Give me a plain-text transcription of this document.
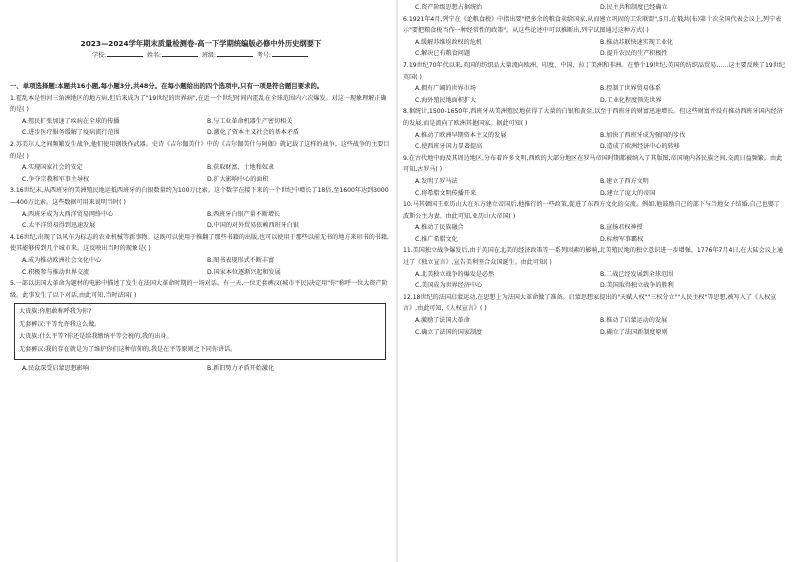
2023—2024学年期末质量检测卷-高一下学期统编版必修中外历史纲要下
学校:	姓名:	班级:	考号:

一、单项选择题:本题共16小题,每小题3分,共48分。在每小题给出的四个选项中,只有一项是符合题目要求的。

1.霍乱本是恒河三角洲地区的地方病,但后来成为了"19世纪的世界病",在近一个世纪时间内霍乱在全球范围内六次爆发。对这一现象理解正确的是( )

A.殖民扩张加速了疾病在全球的传播	B.与工业革命机器生产密切相关
C.进步医疗服务缓解了疫病流行范围	D.激化了资本主义社会的基本矛盾

2.苏美尔人之间频繁发生战争,他们使用钢铁作武器。史诗《吉尔伽美什》中的《吉尔伽美什与阿伽》就记载了这样的战争。这些战争的主要目的是( )

A.实现国家社会的安定	B.获取财富、土地和奴隶
C.争夺宗教和军事主导权	D.扩大影响中心的面积

3.16世纪末,从西班牙的美洲殖民地运抵西班牙的白银数量约为100万比索。这个数字在接下来的一个世纪中增长了18倍,至1600年达到3000—400万比索。这些数据可用来说明当时( )

A.西班牙成为大西洋贸易网络中心	B.西班牙白银产量不断增长
C.太平洋贸易得到迅速发展	D.中国的对外贸易依赖西班牙白银

4.16世纪,出现了以风车为标志的农业机械等新事物。这既可以使用于推翻了那些书籍的出版,也可以使用于那些以前无书的地方来印书的书籍,使其能够传到几个城市来。这反映出当时的现象是( )

A.成为推动欧洲社会文化中心	B.图书表现形式不断丰富
C.积极参与推动世界交流	D.国家本位逐渐兴起和发展

5.一部以法国大革命为题材的电影中描述了发生在法国大革命时期的一场对话。有一天,一位无套裤汉(城市平民)决定用"你"称呼一位大资产阶级。此事发生了以下对话,由此可知,当时法国( )

大贵族:你胆敢称呼我为你?

无套裤汉:平等允许我这么做。

大贵族:什么平等?你还是给我缴纳平等会税的,我的出身。

无套裤汉:我的存在就是为了维护你们这种信仰的,我是在平等原则之下同你讲话。

A.民众深受启蒙思想影响	B.新旧势力矛盾开始激化
C.资产阶级思想占据统治	D.民主共和制度已经确立

6.1921年4月,列宁在《论粮食税》中指出要"把多余的粮食卖给国家,从而建立巩固的工农联盟",5月,在俄共(布)第十次全国代表会议上,列宁表示"要把粮食税当作一种经常性的政策"。从这些论述中可以推断出,列宁试图通过这种方式( )

A.缓解苏维埃政权的危机	B.推动苏联快速实现工业化
C.解决已有粮食问题	D.提升农民的生产积极性

7.19世纪70年代以来,英国的纺织品大量流向欧洲、印度、中国、拉丁美洲和非洲。在整个19世纪,英国的纺织品贸易……这主要反映了19世纪英国( )

A.拥有广阔的世界市场	B.控制了世界贸易体系
C.海外殖民地面积扩大	D.工业化程度领先世界

8.据统计,1500-1650年,西班牙从美洲殖民地获得了大量的白银和黄金,以至于西班牙的财富迅速增长。但这些财富并没有推动西班牙国内经济的发展,而是流向了欧洲其他国家。据此可知( )

A.推动了欧洲早期资本主义的发展	B.加快了西班牙成为强国的步伐
C.使西班牙国力显著提高	D.造成了欧洲经济中心的转移

9.在古代地中海及其周边地区,分布着许多文明,西欧的大部分地区在罗马帝国时期都被纳入了其版图,帝国境内各民族之间,交流日益频繁。由此可知,古罗马( )

A.发明了罗马法	B.建立了西方文明
C.将希腊文明传播开来	D.建立了庞大的帝国

10.马其顿国王亚历山大在东方建立帝国后,他推行的一些政策,促进了东西方文化的交流。例如,他鼓励自己的部下与当地女子结婚,自己也娶了波斯公主为妻。由此可知,亚历山大帝国( )

A.推动了民族融合	B.宣扬君权神授
C.推广希腊文化	D.标榜军事霸权

11.美国独立战争爆发后,由于英国在北美的经济政策等一系列因素的影响,北美殖民地的独立意识进一步增强。1776年7月4日,在大陆会议上通过了《独立宣言》,宣告美利坚合众国诞生。由此可知( )

A.北美独立战争的爆发是必然	B.二战已经发展到全球范围
C.美国成为世界经济中心	D.美国取得独立战争的胜利

12.18世纪的法国启蒙运动,在思想上为法国大革命做了准备。启蒙思想家提出的"天赋人权""三权分立""人民主权"等思想,被写入了《人权宣言》,由此可知,《人权宣言》( )

A.激励了法国大革命	B.推动了启蒙运动的发展
C.确立了法国的国家制度	D.确立了法国新制度原则
